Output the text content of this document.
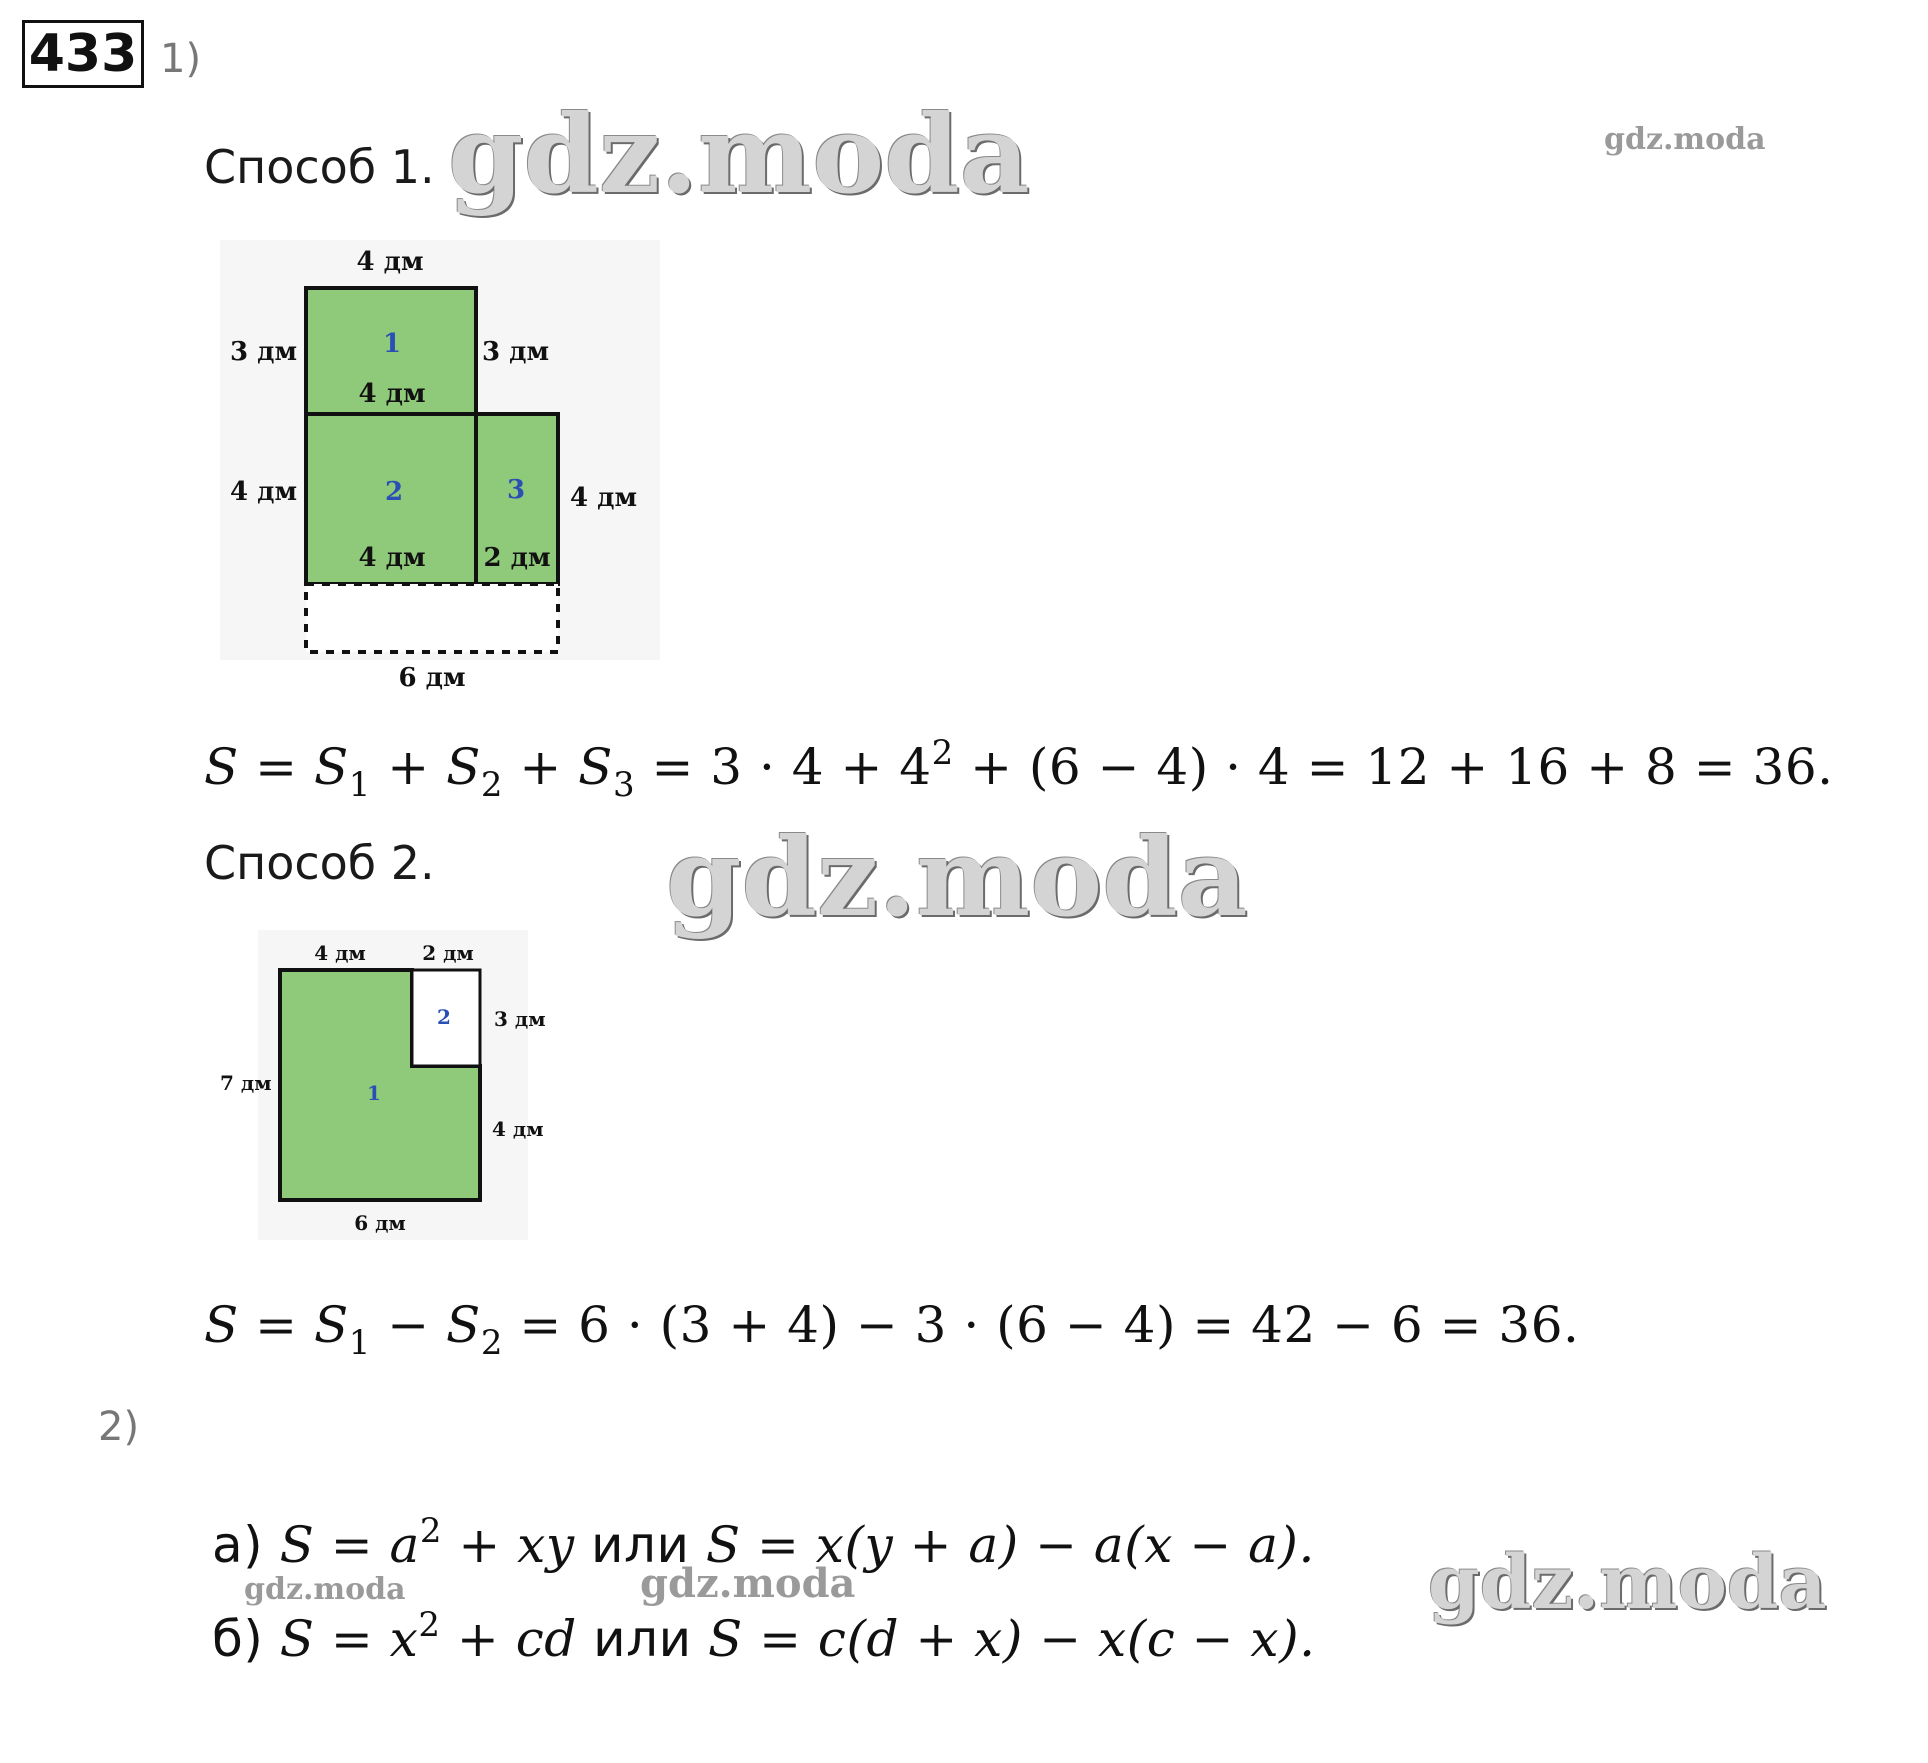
433 1)
Способ 1. gdz.moda	gdz.moda
gdz.moda
gdz.moda	gdz.moda	gdz.moda
4 дм
3 дм	3 дм
4 дм
4 дм	4 дм
4 дм 2 дм
6 дм
1
2	3
$S = S_1 + S_2 + S_3 = 3 \cdot 4 + 4^2 + (6 - 4) \cdot 4 = 12 + 16 + 8 = 36$.
Способ 2.
4 дм	2 дм
3 дм
7 дм
4 дм
6 дм
1
2
$S = S_1 - S_2 = 6 \cdot (3 + 4) - 3 \cdot (6 - 4) = 42 - 6 = 36$.
2)
а) $S = a^2$ + xy или S = x(y + a) − a(x − a).
б) $S = x^2$ + cd или S = c(d + x) − x(c − x).
